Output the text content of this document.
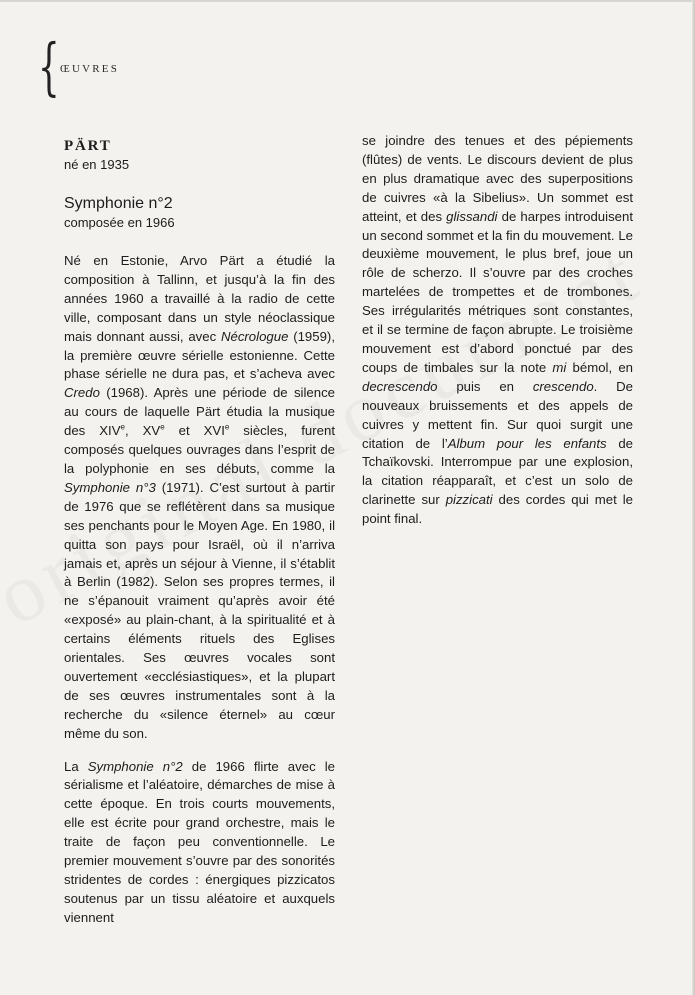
{ ŒUVRES

PÄRT

né en 1935

Symphonie n°2

composée en 1966

Né en Estonie, Arvo Pärt a étudié la composition à Tallinn, et jusqu’à la fin des années 1960 a travaillé à la radio de cette ville, composant dans un style néoclassique mais donnant aussi, avec Nécrologue (1959), la première œuvre sérielle estonienne. Cette phase sérielle ne dura pas, et s’acheva avec Credo (1968). Après une période de silence au cours de laquelle Pärt étudia la musique des XIVe, XVe et XVIe siècles, furent composés quelques ouvrages dans l’esprit de la polyphonie en ses débuts, comme la Symphonie n°3 (1971). C’est surtout à partir de 1976 que se reflétèrent dans sa musique ses penchants pour le Moyen Age. En 1980, il quitta son pays pour Israël, où il n’arriva jamais et, après un séjour à Vienne, il s’établit à Berlin (1982). Selon ses propres termes, il ne s’épanouit vraiment qu’après avoir été «exposé» au plain-chant, à la spiritualité et à certains éléments rituels des Eglises orientales. Ses œuvres vocales sont ouvertement «ecclésiastiques», et la plupart de ses œuvres instrumentales sont à la recherche du «silence éternel» au cœur même du son.

La Symphonie n°2 de 1966 flirte avec le sérialisme et l’aléatoire, démarches de mise à cette époque. En trois courts mouvements, elle est écrite pour grand orchestre, mais le traite de façon peu conventionnelle. Le premier mouvement s’ouvre par des sonorités stridentes de cordes : énergiques pizzicatos soutenus par un tissu aléatoire et auxquels viennent

se joindre des tenues et des pépiements (flûtes) de vents. Le discours devient de plus en plus dramatique avec des superpositions de cuivres «à la Sibelius». Un sommet est atteint, et des glissandi de harpes introduisent un second sommet et la fin du mouvement. Le deuxième mouvement, le plus bref, joue un rôle de scherzo. Il s’ouvre par des croches martelées de trompettes et de trombones. Ses irrégularités métriques sont constantes, et il se termine de façon abrupte. Le troisième mouvement est d’abord ponctué par des coups de timbales sur la note mi bémol, en decrescendo puis en crescendo. De nouveaux bruissements et des appels de cuivres y mettent fin. Sur quoi surgit une citation de l’Album pour les enfants de Tchaïkovski. Interrompue par une explosion, la citation réapparaît, et c’est un solo de clarinette sur pizzicati des cordes qui met le point final.
